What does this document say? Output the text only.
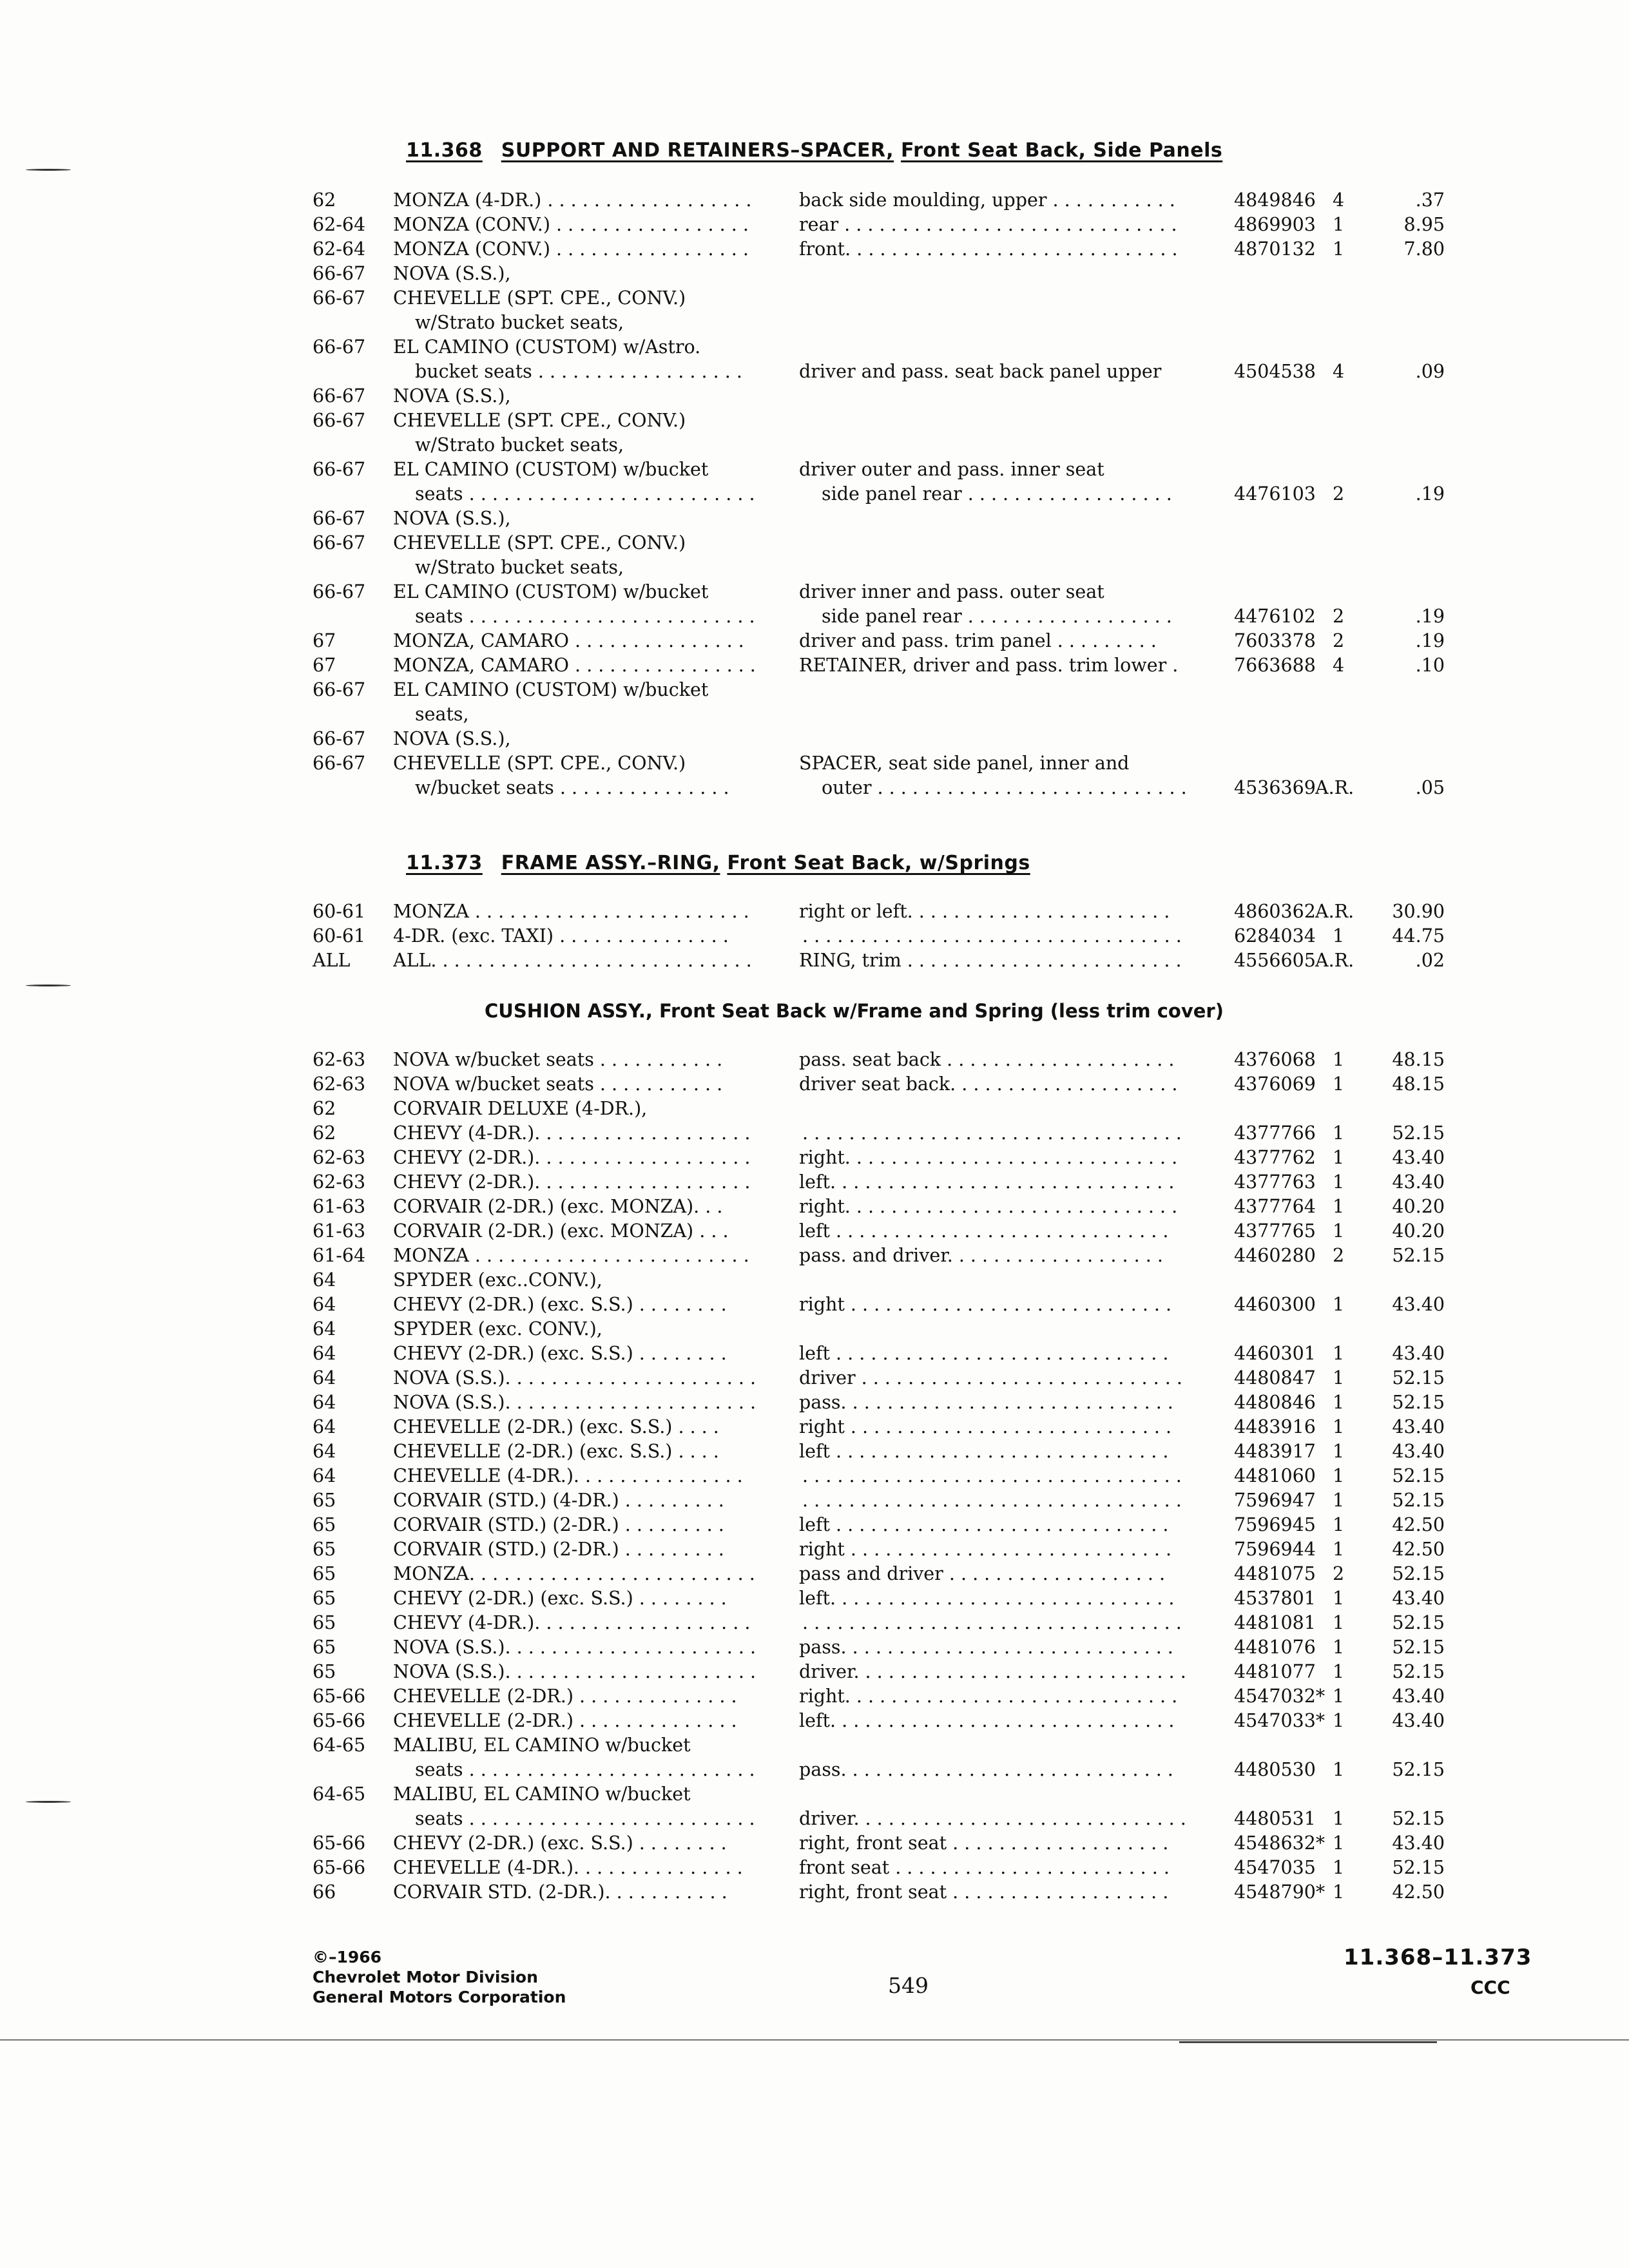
11.368 SUPPORT AND RETAINERS–SPACER, Front Seat Back, Side Panels
62	MONZA (4-DR.) . . . . . . . . . . . . . . . . . .	back side moulding, upper . . . . . . . . . . .	4849846 4	.37
62-64 MONZA (CONV.) . . . . . . . . . . . . . . . . .	rear . . . . . . . . . . . . . . . . . . . . . . . . . . . . .	4869903 1	8.95
62-64 MONZA (CONV.) . . . . . . . . . . . . . . . . .	front. . . . . . . . . . . . . . . . . . . . . . . . . . . . .	4870132 1	7.80
66-67 NOVA (S.S.),
66-67 CHEVELLE (SPT. CPE., CONV.)
w/Strato bucket seats,
66-67 EL CAMINO (CUSTOM) w/Astro.
bucket seats . . . . . . . . . . . . . . . . . .	driver and pass. seat back panel upper	4504538 4	.09
66-67 NOVA (S.S.),
66-67 CHEVELLE (SPT. CPE., CONV.)
w/Strato bucket seats,
66-67 EL CAMINO (CUSTOM) w/bucket	driver outer and pass. inner seat
seats . . . . . . . . . . . . . . . . . . . . . . . . .	side panel rear . . . . . . . . . . . . . . . . . .	4476103 2	.19
66-67 NOVA (S.S.),
66-67 CHEVELLE (SPT. CPE., CONV.)
w/Strato bucket seats,
66-67 EL CAMINO (CUSTOM) w/bucket	driver inner and pass. outer seat
seats . . . . . . . . . . . . . . . . . . . . . . . . .	side panel rear . . . . . . . . . . . . . . . . . .	4476102 2	.19
67	MONZA, CAMARO . . . . . . . . . . . . . . .	driver and pass. trim panel . . . . . . . . .	7603378 2	.19
67	MONZA, CAMARO . . . . . . . . . . . . . . . .	RETAINER, driver and pass. trim lower .	7663688 4	.10
66-67 EL CAMINO (CUSTOM) w/bucket
seats,
66-67 NOVA (S.S.),
66-67 CHEVELLE (SPT. CPE., CONV.)	SPACER, seat side panel, inner and
w/bucket seats . . . . . . . . . . . . . . .	outer . . . . . . . . . . . . . . . . . . . . . . . . . . .	4536369 A.R.	.05
11.373 FRAME ASSY.–RING, Front Seat Back, w/Springs
60-61 MONZA . . . . . . . . . . . . . . . . . . . . . . . .	right or left. . . . . . . . . . . . . . . . . . . . . . .	4860362 A.R.	30.90
60-61 4-DR. (exc. TAXI) . . . . . . . . . . . . . . .	. . . . . . . . . . . . . . . . . . . . . . . . . . . . . . . . .	6284034 1	44.75
ALL ALL. . . . . . . . . . . . . . . . . . . . . . . . . . . .	RING, trim . . . . . . . . . . . . . . . . . . . . . . . .	4556605 A.R.	.02
CUSHION ASSY., Front Seat Back w/Frame and Spring (less trim cover)
62-63 NOVA w/bucket seats . . . . . . . . . . .	pass. seat back . . . . . . . . . . . . . . . . . . . .	4376068 1	48.15
62-63 NOVA w/bucket seats . . . . . . . . . . .	driver seat back. . . . . . . . . . . . . . . . . . . .	4376069 1	48.15
62	CORVAIR DELUXE (4-DR.),
62	CHEVY (4-DR.). . . . . . . . . . . . . . . . . . .	. . . . . . . . . . . . . . . . . . . . . . . . . . . . . . . . .	4377766 1	52.15
62-63 CHEVY (2-DR.). . . . . . . . . . . . . . . . . . .	right. . . . . . . . . . . . . . . . . . . . . . . . . . . . .	4377762 1	43.40
62-63 CHEVY (2-DR.). . . . . . . . . . . . . . . . . . .	left. . . . . . . . . . . . . . . . . . . . . . . . . . . . . .	4377763 1	43.40
61-63 CORVAIR (2-DR.) (exc. MONZA). . .	right. . . . . . . . . . . . . . . . . . . . . . . . . . . . .	4377764 1	40.20
61-63 CORVAIR (2-DR.) (exc. MONZA) . . .	left . . . . . . . . . . . . . . . . . . . . . . . . . . . . .	4377765 1	40.20
61-64 MONZA . . . . . . . . . . . . . . . . . . . . . . . .	pass. and driver. . . . . . . . . . . . . . . . . . .	4460280 2	52.15
64	SPYDER (exc..CONV.),
64	CHEVY (2-DR.) (exc. S.S.) . . . . . . . .	right . . . . . . . . . . . . . . . . . . . . . . . . . . . .	4460300 1	43.40
64	SPYDER (exc. CONV.),
64	CHEVY (2-DR.) (exc. S.S.) . . . . . . . .	left . . . . . . . . . . . . . . . . . . . . . . . . . . . . .	4460301 1	43.40
64	NOVA (S.S.). . . . . . . . . . . . . . . . . . . . . .	driver . . . . . . . . . . . . . . . . . . . . . . . . . . . .	4480847 1	52.15
64	NOVA (S.S.). . . . . . . . . . . . . . . . . . . . . .	pass. . . . . . . . . . . . . . . . . . . . . . . . . . . . .	4480846 1	52.15
64	CHEVELLE (2-DR.) (exc. S.S.) . . . .	right . . . . . . . . . . . . . . . . . . . . . . . . . . . .	4483916 1	43.40
64	CHEVELLE (2-DR.) (exc. S.S.) . . . .	left . . . . . . . . . . . . . . . . . . . . . . . . . . . . .	4483917 1	43.40
64	CHEVELLE (4-DR.). . . . . . . . . . . . . . .	. . . . . . . . . . . . . . . . . . . . . . . . . . . . . . . . .	4481060 1	52.15
65	CORVAIR (STD.) (4-DR.) . . . . . . . . .	. . . . . . . . . . . . . . . . . . . . . . . . . . . . . . . . .	7596947 1	52.15
65	CORVAIR (STD.) (2-DR.) . . . . . . . . .	left . . . . . . . . . . . . . . . . . . . . . . . . . . . . .	7596945 1	42.50
65	CORVAIR (STD.) (2-DR.) . . . . . . . . .	right . . . . . . . . . . . . . . . . . . . . . . . . . . . .	7596944 1	42.50
65	MONZA. . . . . . . . . . . . . . . . . . . . . . . . .	pass and driver . . . . . . . . . . . . . . . . . . .	4481075 2	52.15
65	CHEVY (2-DR.) (exc. S.S.) . . . . . . . .	left. . . . . . . . . . . . . . . . . . . . . . . . . . . . . .	4537801 1	43.40
65	CHEVY (4-DR.). . . . . . . . . . . . . . . . . . .	. . . . . . . . . . . . . . . . . . . . . . . . . . . . . . . . .	4481081 1	52.15
65	NOVA (S.S.). . . . . . . . . . . . . . . . . . . . . .	pass. . . . . . . . . . . . . . . . . . . . . . . . . . . . .	4481076 1	52.15
65	NOVA (S.S.). . . . . . . . . . . . . . . . . . . . . .	driver. . . . . . . . . . . . . . . . . . . . . . . . . . . . .	4481077 1	52.15
65-66 CHEVELLE (2-DR.) . . . . . . . . . . . . . .	right. . . . . . . . . . . . . . . . . . . . . . . . . . . . .	4547032* 1	43.40
65-66 CHEVELLE (2-DR.) . . . . . . . . . . . . . .	left. . . . . . . . . . . . . . . . . . . . . . . . . . . . . .	4547033* 1	43.40
64-65 MALIBU, EL CAMINO w/bucket
seats . . . . . . . . . . . . . . . . . . . . . . . . .	pass. . . . . . . . . . . . . . . . . . . . . . . . . . . . .	4480530 1	52.15
64-65 MALIBU, EL CAMINO w/bucket
seats . . . . . . . . . . . . . . . . . . . . . . . . .	driver. . . . . . . . . . . . . . . . . . . . . . . . . . . . .	4480531 1	52.15
65-66 CHEVY (2-DR.) (exc. S.S.) . . . . . . . .	right, front seat . . . . . . . . . . . . . . . . . . .	4548632* 1	43.40
65-66 CHEVELLE (4-DR.). . . . . . . . . . . . . . .	front seat . . . . . . . . . . . . . . . . . . . . . . . .	4547035 1	52.15
66	CORVAIR STD. (2-DR.). . . . . . . . . . .	right, front seat . . . . . . . . . . . . . . . . . . .	4548790* 1	42.50
©–1966
Chevrolet Motor Division
General Motors Corporation	549
11.368–11.373
CCC
